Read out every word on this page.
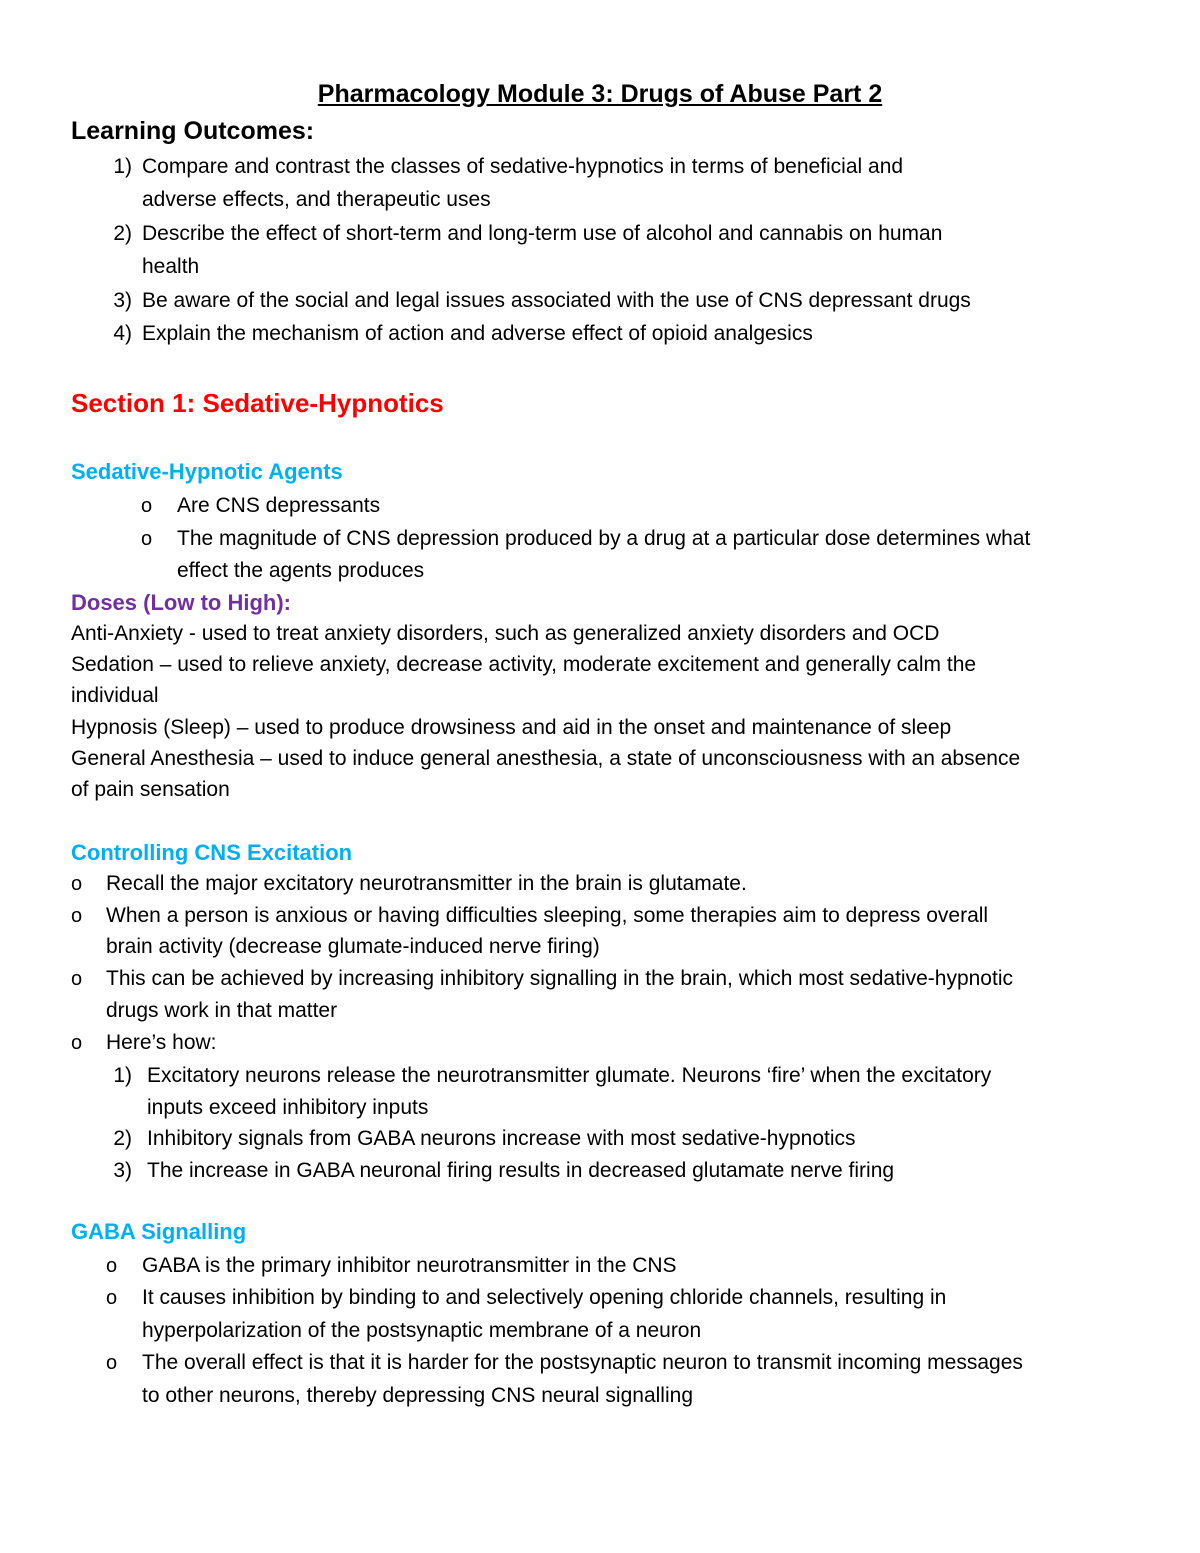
Pharmacology Module 3: Drugs of Abuse Part 2
Learning Outcomes:
1) Compare and contrast the classes of sedative-hypnotics in terms of beneficial and
adverse effects, and therapeutic uses
2) Describe the effect of short-term and long-term use of alcohol and cannabis on human
health
3) Be aware of the social and legal issues associated with the use of CNS depressant drugs
4) Explain the mechanism of action and adverse effect of opioid analgesics
Section 1: Sedative-Hypnotics
Sedative-Hypnotic Agents
o Are CNS depressants
o The magnitude of CNS depression produced by a drug at a particular dose determines what
effect the agents produces
Doses (Low to High):
Anti-Anxiety - used to treat anxiety disorders, such as generalized anxiety disorders and OCD
Sedation – used to relieve anxiety, decrease activity, moderate excitement and generally calm the
individual
Hypnosis (Sleep) – used to produce drowsiness and aid in the onset and maintenance of sleep
General Anesthesia – used to induce general anesthesia, a state of unconsciousness with an absence
of pain sensation
Controlling CNS Excitation
o Recall the major excitatory neurotransmitter in the brain is glutamate.
o When a person is anxious or having difficulties sleeping, some therapies aim to depress overall
brain activity (decrease glumate-induced nerve firing)
o This can be achieved by increasing inhibitory signalling in the brain, which most sedative-hypnotic
drugs work in that matter
o Here’s how:
1) Excitatory neurons release the neurotransmitter glumate. Neurons ‘fire’ when the excitatory
inputs exceed inhibitory inputs
2) Inhibitory signals from GABA neurons increase with most sedative-hypnotics
3) The increase in GABA neuronal firing results in decreased glutamate nerve firing
GABA Signalling
o GABA is the primary inhibitor neurotransmitter in the CNS
o It causes inhibition by binding to and selectively opening chloride channels, resulting in
hyperpolarization of the postsynaptic membrane of a neuron
o The overall effect is that it is harder for the postsynaptic neuron to transmit incoming messages
to other neurons, thereby depressing CNS neural signalling
